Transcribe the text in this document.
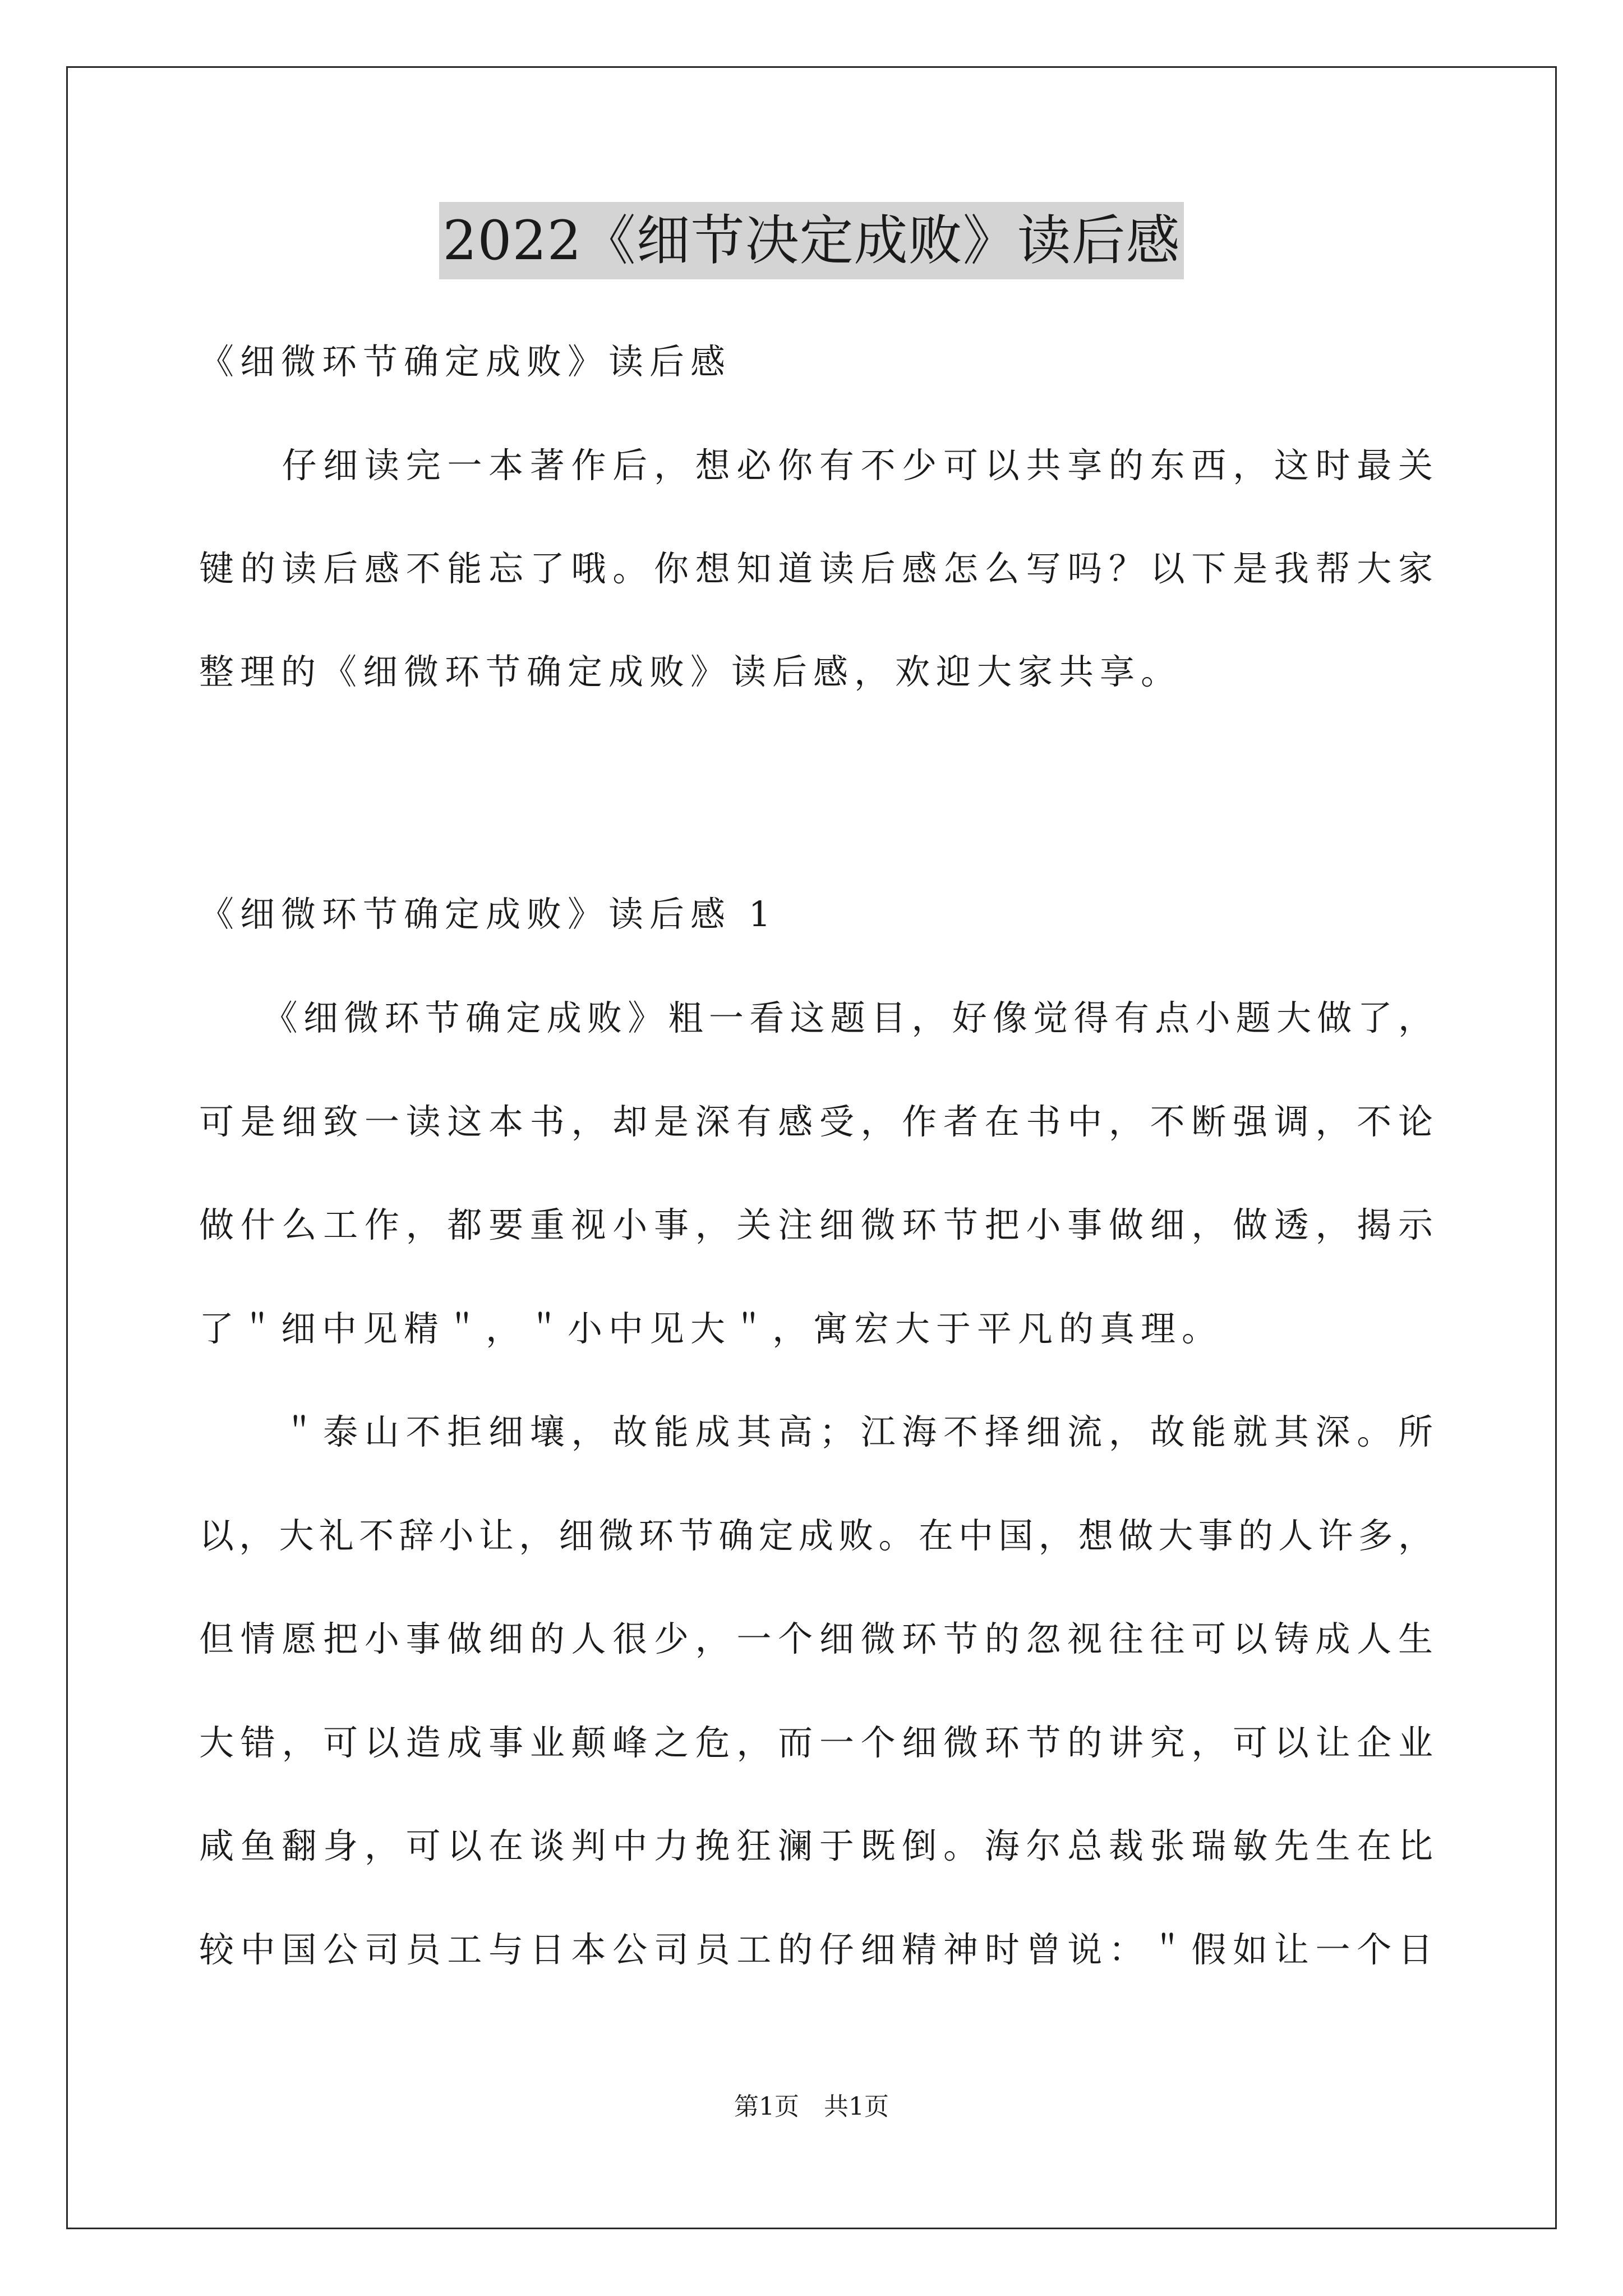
2022《细节决定成败》读后感
《细微环节确定成败》读后感
　　仔细读完一本著作后，想必你有不少可以共享的东西，这时最关
键的读后感不能忘了哦。你想知道读后感怎么写吗？以下是我帮大家
整理的《细微环节确定成败》读后感，欢迎大家共享。
《细微环节确定成败》读后感 1
　　《细微环节确定成败》粗一看这题目，好像觉得有点小题大做了，
可是细致一读这本书，却是深有感受，作者在书中，不断强调，不论
做什么工作，都要重视小事，关注细微环节把小事做细，做透，揭示
了＂细中见精＂，＂小中见大＂，寓宏大于平凡的真理。
　　＂泰山不拒细壤，故能成其高；江海不择细流，故能就其深。所
以，大礼不辞小让，细微环节确定成败。在中国，想做大事的人许多，
但情愿把小事做细的人很少，一个细微环节的忽视往往可以铸成人生
大错，可以造成事业颠峰之危，而一个细微环节的讲究，可以让企业
咸鱼翻身，可以在谈判中力挽狂澜于既倒。海尔总裁张瑞敏先生在比
较中国公司员工与日本公司员工的仔细精神时曾说：＂假如让一个日
第1页　共1页
